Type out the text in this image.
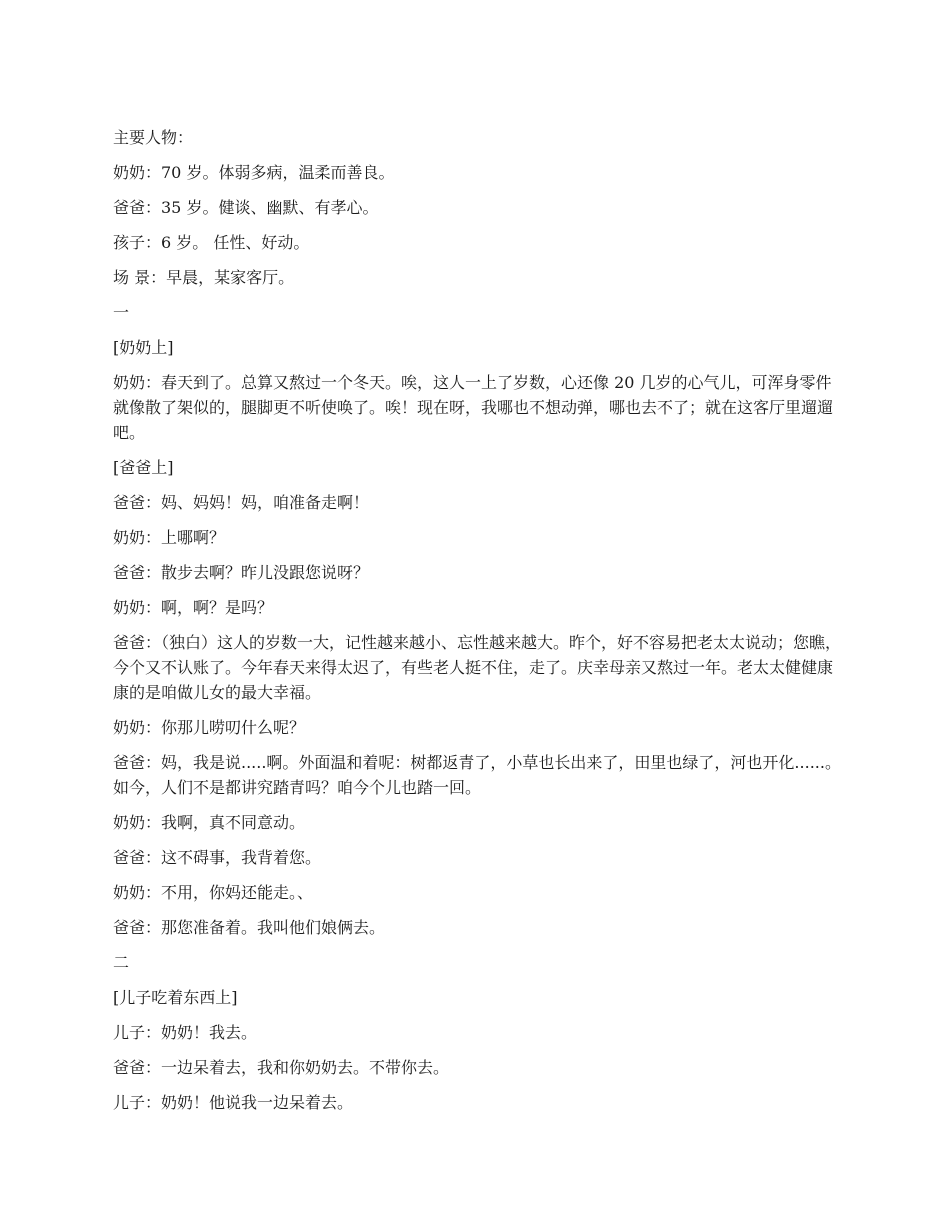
主要人物：

奶奶：70 岁。体弱多病，温柔而善良。

爸爸：35 岁。健谈、幽默、有孝心。

孩子：6 岁。 任性、好动。

场 景：早晨，某家客厅。

一

[奶奶上]

奶奶：春天到了。总算又熬过一个冬天。唉，这人一上了岁数，心还像 20 几岁的心气儿，可浑身零件就像散了架似的，腿脚更不听使唤了。唉！现在呀，我哪也不想动弹，哪也去不了；就在这客厅里遛遛吧。

[爸爸上]

爸爸：妈、妈妈！妈，咱准备走啊！

奶奶：上哪啊？

爸爸：散步去啊？昨儿没跟您说呀？

奶奶：啊，啊？是吗？

爸爸：（独白）这人的岁数一大，记性越来越小、忘性越来越大。昨个，好不容易把老太太说动；您瞧，今个又不认账了。今年春天来得太迟了，有些老人挺不住，走了。庆幸母亲又熬过一年。老太太健健康康的是咱做儿女的最大幸福。

奶奶：你那儿唠叨什么呢？

爸爸：妈，我是说.....啊。外面温和着呢：树都返青了，小草也长出来了，田里也绿了，河也开化......。如今，人们不是都讲究踏青吗？咱今个儿也踏一回。

奶奶：我啊，真不同意动。

爸爸：这不碍事，我背着您。

奶奶：不用，你妈还能走。、

爸爸：那您准备着。我叫他们娘俩去。

二

[儿子吃着东西上]

儿子：奶奶！我去。

爸爸：一边呆着去，我和你奶奶去。不带你去。

儿子：奶奶！他说我一边呆着去。
